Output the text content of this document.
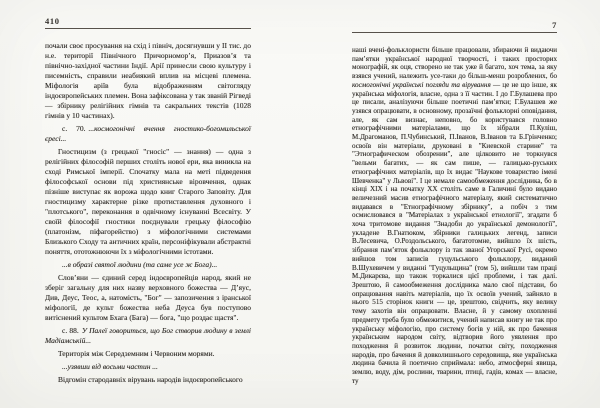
410

почали своє просування на схід і північ, досягнувши у II тис. до н.е. території Північного Причорномор’я, Приазов’я та північно-західної частини Індії. Арії принесли свою культуру і писемність, справили неабиякий вплив на місцеві племена. Міфологія аріїв була відображенням світогляду індоєвропейських племен. Вона зафіксована у так званій Рігведі — збірнику релігійних гімнів та сакральних текстів (1028 гімнів у 10 частинах).

с. 70. ...космогонічні вчення гностико-богомильської єресі...

Гностицизм (з грецької "гносіс" — знання) — одна з релігійних філософій перших століть нової ери, яка виникла на сході Римської імперії. Спочатку мала на меті підведення філософської основи під християнське віровчення, однак пізніше виступає як ворожа щодо книг Старого Заповіту. Для гностицизму характерне різке протиставлення духовного і "плотського", переконання в одвічному існуванні Всесвіту. У своїй філософії гностики поєднували грецьку філософію (платонізм, піфагорейство) з міфологічними системами Близького Сходу та античних країн, персоніфікували абстрактні поняття, ототожнюючи їх з міфологічними істотами.

...в образі святої людини (та саме усе ж Бога)...

Слов’яни — єдиний серед індоєвропейців народ, який не зберіг загальну для них назву верховного божества — Д’яус, Див, Деус, Теос, а, натомість, "Бог" — запозичення з іранської міфології, де культ божества неба Деуса був поступово витіснений культом Бхага (Бага) — бога, "що роздає щастя".

с. 88. У Палеї говориться, що Бог створив людину в землі Мадіамській...

Територія між Середземним і Червоним морями.

...узявши від восьми частин ...

Відгомін стародавніх вірувань народів індоєвропейського

7

наші вчені-фольклористи більше працювали, збираючи й видаючи пам’ятки української народної творчості, і таких просторих монографій, як оця, створено не так уже й багато, хоч тема, за яку взявся учений, належить усе-таки до більш-менш розроблених, бо космогонічні українські погляди та вірування — це не що інше, як українська міфологія, власне, одна з її частин. І до Г.Булашева про це писали, аналізуючи більше поетичні пам’ятки; Г.Булашев же узявся опрацювати, в основному, прозаїчні фольклорні оповідання, але, як сам визнає, неповно, бо користувався головно етнографічними матеріалами, що їх зібрали П.Куліш, М.Драгоманов, П.Чубинський, П.Іванов, В.Іванов та Б.Грінченко; освоїв він матеріали, друковані в "Киевской старине" та "Этнографическом обозрении", але цілковито не торкнувся "вельми багатих, — як сам пише, — галицько-руських етнографічних матеріалів, що їх видає "Наукове товариство імені Шевченка" у Львові". І це немале самообмеження дослідника, бо в кінці XIX і на початку XX століть саме в Галичині було видано величезний масив етнографічного матеріалу, який систематично видавався в "Етнографічному збірнику", а побіч з тим осмислювався в "Матеріалах з української етнології", згадати б хоча тритомове видання "Знадоби до української демонології", укладене В.Гнатюком, збірники галицьких легенд, записи В.Лесевича, О.Роздольського, багатотомне, вийшло їх шість, зібрання пам’яток фольклору із так званої Угорської Русі, окремо вийшов том записів гуцульського фольклору, виданий В.Шухевичем у виданні "Гуцульщина" (том 5), вийшли там праці М.Дикарєва, що також торкалися цієї проблеми, і так далі. Зрештою, й самообмеження дослідника мало свої підстави, бо опрацювання навіть матеріалів, що їх освоїв учений, зайняло в нього 515 сторінок книги — це, зрештою, свідчить, яку велику тему захотів він опрацювати. Власне, й у самому охопленні предмету треба було обмежитися, учений написав книгу не так про українську міфологію, про систему богів у ній, як про бачення українським народом світу, відтворив його уявлення про походження й розвиток людини, початки світу, походження народів, про бачення й довколишнього середовища, яке українська людина бачила й поетично сприймала: небо, атмосферні явища, землю, воду, дім, рослини, тварини, птиці, гадів, комах — власне, ту
